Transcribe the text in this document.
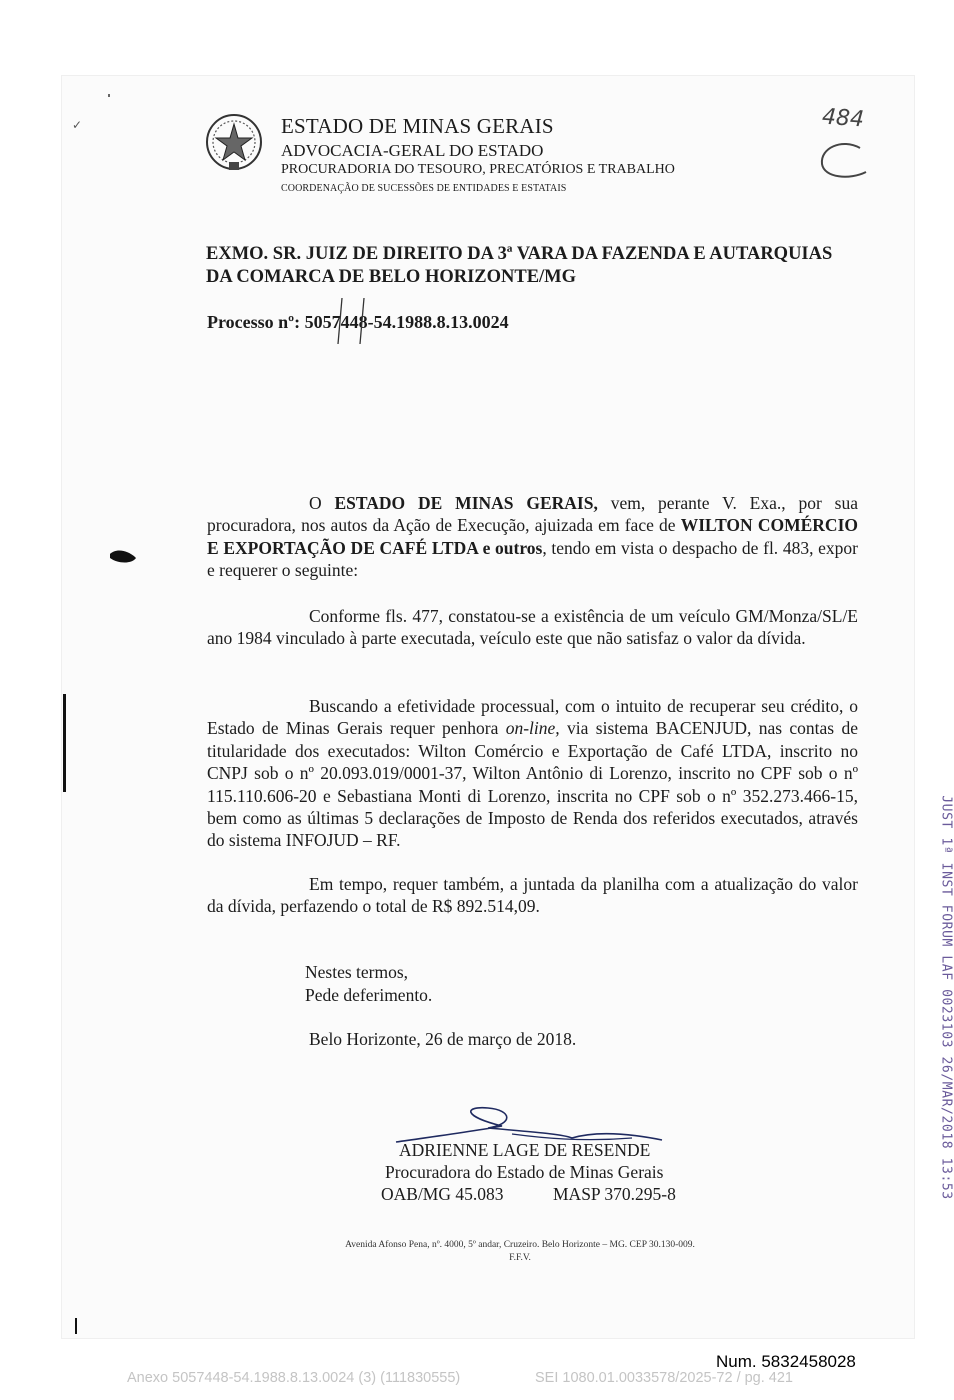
✓	ESTADO DE MINAS GERAIS
ADVOCACIA-GERAL DO ESTADO
PROCURADORIA DO TESOURO, PRECATÓRIOS E TRABALHO
COORDENAÇÃO DE SUCESSÕES DE ENTIDADES E ESTATAIS
484
EXMO. SR. JUIZ DE DIREITO DA 3ª VARA DA FAZENDA E AUTARQUIAS DA COMARCA DE BELO HORIZONTE/MG
Processo nº: 5057448-54.1988.8.13.0024

O ESTADO DE MINAS GERAIS, vem, perante V. Exa., por sua procuradora, nos autos da Ação de Execução, ajuizada em face de WILTON COMÉRCIO E EXPORTAÇÃO DE CAFÉ LTDA e outros, tendo em vista o despacho de fl. 483, expor e requerer o seguinte:

Conforme fls. 477, constatou-se a existência de um veículo GM/Monza/SL/E ano 1984 vinculado à parte executada, veículo este que não satisfaz o valor da dívida.

Buscando a efetividade processual, com o intuito de recuperar seu crédito, o Estado de Minas Gerais requer penhora on-line, via sistema BACENJUD, nas contas de titularidade dos executados: Wilton Comércio e Exportação de Café LTDA, inscrito no CNPJ sob o nº 20.093.019/0001-37, Wilton Antônio di Lorenzo, inscrito no CPF sob o nº 115.110.606-20 e Sebastiana Monti di Lorenzo, inscrita no CPF sob o nº 352.273.466-15, bem como as últimas 5 declarações de Imposto de Renda dos referidos executados, através do sistema INFOJUD – RF.

Em tempo, requer também, a juntada da planilha com a atualização do valor da dívida, perfazendo o total de R$ 892.514,09.

Nestes termos,
Pede deferimento.
Belo Horizonte, 26 de março de 2018.
ADRIENNE LAGE DE RESENDE
Procuradora do Estado de Minas Gerais
OAB/MG 45.083	MASP 370.295-8
Avenida Afonso Pena, nº. 4000, 5º andar, Cruzeiro. Belo Horizonte – MG. CEP 30.130-009.
F.F.V.
JUST 1ª INST FORUM LAF 0023103 26/MAR/2018 13:53
Num. 5832458028
Anexo 5057448-54.1988.8.13.0024 (3) (111830555)	SEI 1080.01.0033578/2025-72 / pg. 421
